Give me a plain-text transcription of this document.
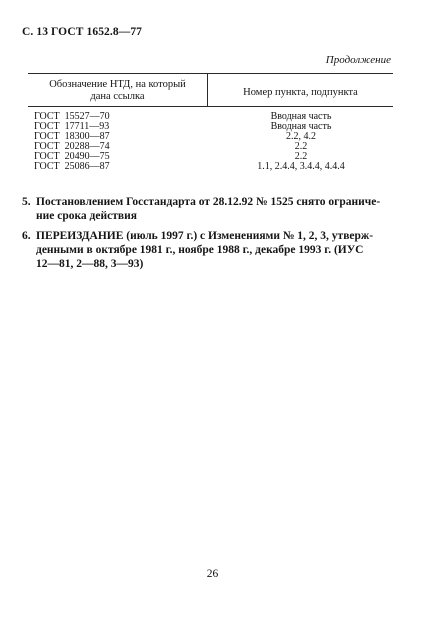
С. 13 ГОСТ 1652.8—77
Продолжение
Обозначение НТД, на который
дана ссылка	Номер пункта, подпункта
ГОСТ  15527—70	Вводная часть
ГОСТ  17711—93	Вводная часть
ГОСТ  18300—87	2.2, 4.2
ГОСТ  20288—74	2.2
ГОСТ  20490—75	2.2
ГОСТ  25086—87	1.1, 2.4.4, 3.4.4, 4.4.4
5. Постановлением Госстандарта от 28.12.92 № 1525 снято ограниче-
ние срока действия
6. ПЕРЕИЗДАНИЕ (июль 1997 г.) с Изменениями № 1, 2, 3, утверж-
денными в октябре 1981 г., ноябре 1988 г., декабре 1993 г. (ИУС
12—81, 2—88, 3—93)
26
